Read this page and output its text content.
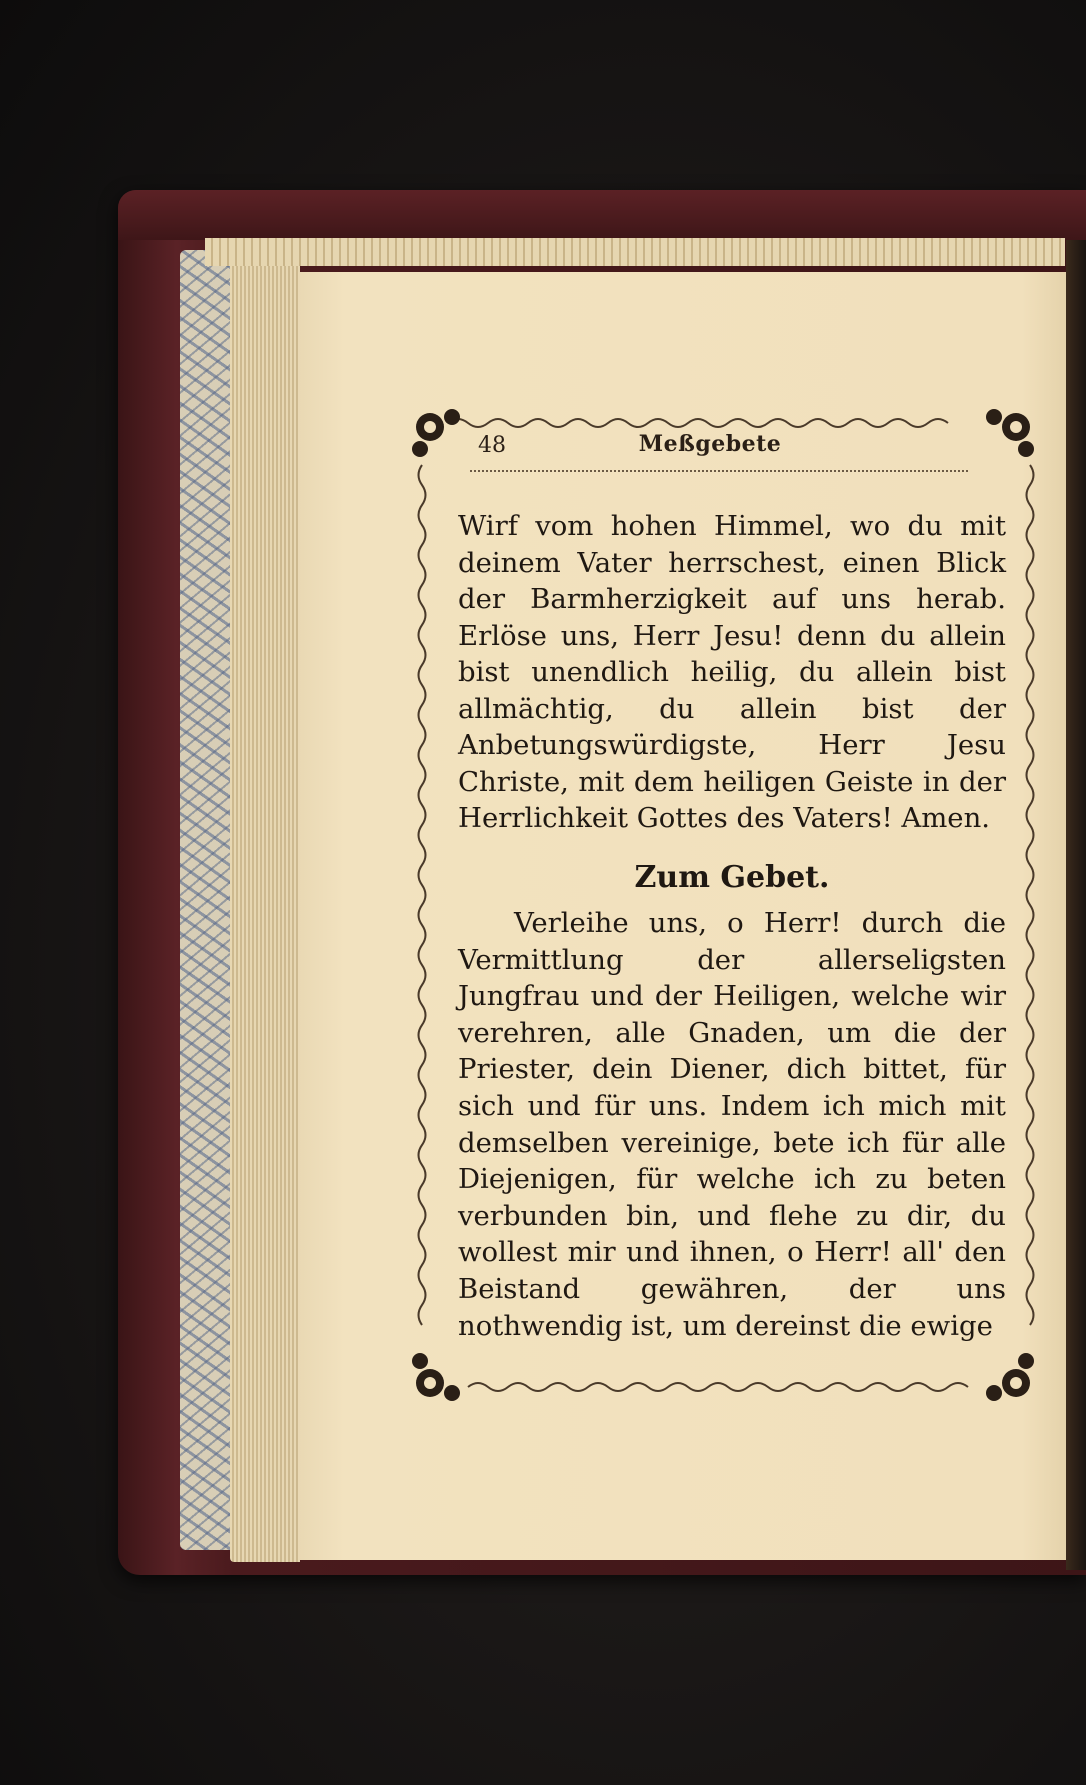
48	Meßgebete

Wirf vom hohen Himmel, wo du mit deinem Vater herrschest, einen Blick der Barmherzigkeit auf uns herab. Erlöse uns, Herr Jesu! denn du allein bist unendlich heilig, du allein bist allmächtig, du allein bist der Anbetungswürdigste, Herr Jesu Christe, mit dem heiligen Geiste in der Herrlichkeit Gottes des Vaters! Amen.

Zum Gebet.

Verleihe uns, o Herr! durch die Vermittlung der allerseligsten Jungfrau und der Heiligen, welche wir verehren, alle Gnaden, um die der Priester, dein Diener, dich bittet, für sich und für uns. Indem ich mich mit demselben vereinige, bete ich für alle Diejenigen, für welche ich zu beten verbunden bin, und flehe zu dir, du wollest mir und ihnen, o Herr! all' den Beistand gewähren, der uns nothwendig ist, um dereinst die ewige
